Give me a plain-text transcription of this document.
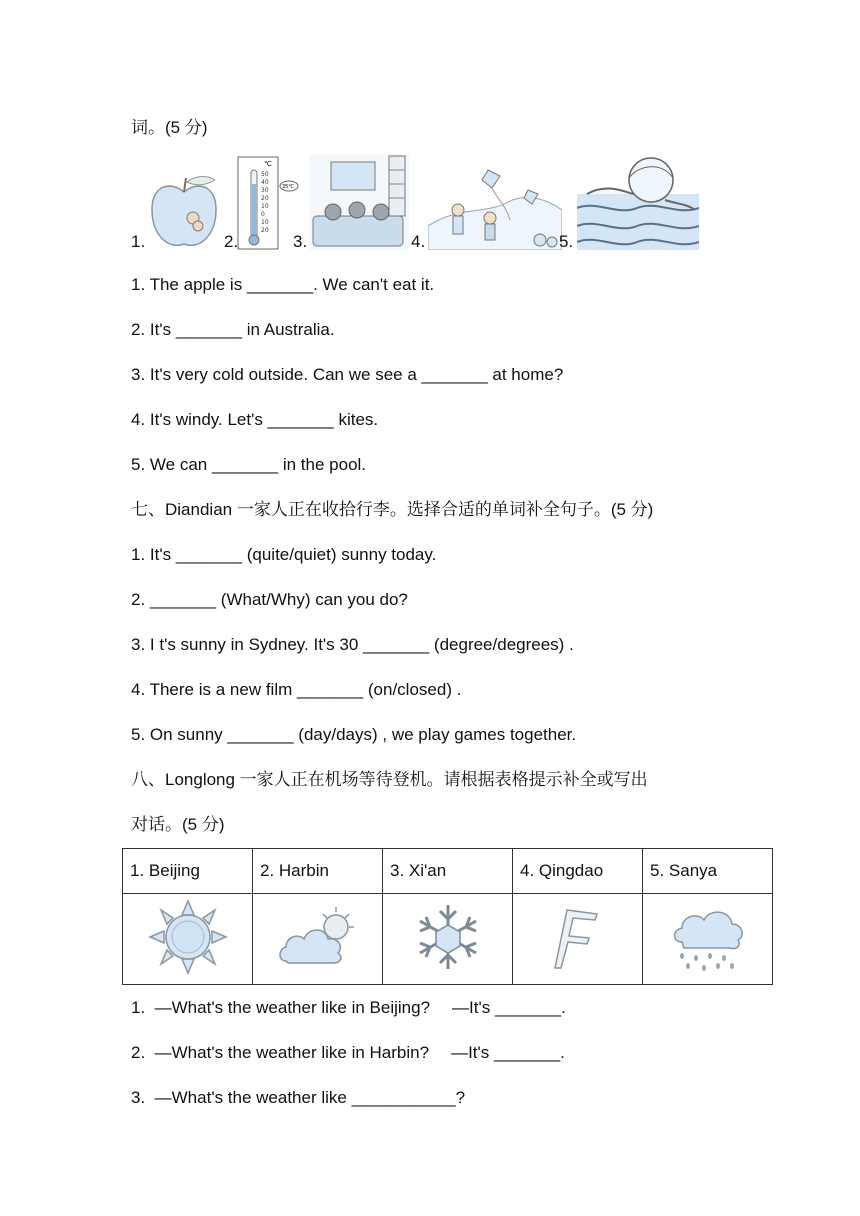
词。(5 分)
1.	2.
℃
50
40
30
20
10
0
10
20
35℃
3.	4.	5.
1. The apple is _______. We can't eat it.
2. It's _______ in Australia.
3. It's very cold outside. Can we see a _______ at home?
4. It's windy. Let's _______ kites.
5. We can _______ in the pool.
七、Diandian 一家人正在收拾行李。选择合适的单词补全句子。(5 分)
1. It's _______ (quite/quiet) sunny today.
2. _______ (What/Why) can you do?
3. I t's sunny in Sydney. It's 30 _______ (degree/degrees) .
4. There is a new film _______ (on/closed) .
5. On sunny _______ (day/days) , we play games together.
八、Longlong 一家人正在机场等待登机。请根据表格提示补全或写出
对话。(5 分)
1. Beijing	2. Harbin	3. Xi'an	4. Qingdao	5. Sanya

1. —What's the weather like in Beijing? —It's _______.
2. —What's the weather like in Harbin? —It's _______.
3. —What's the weather like ___________?
